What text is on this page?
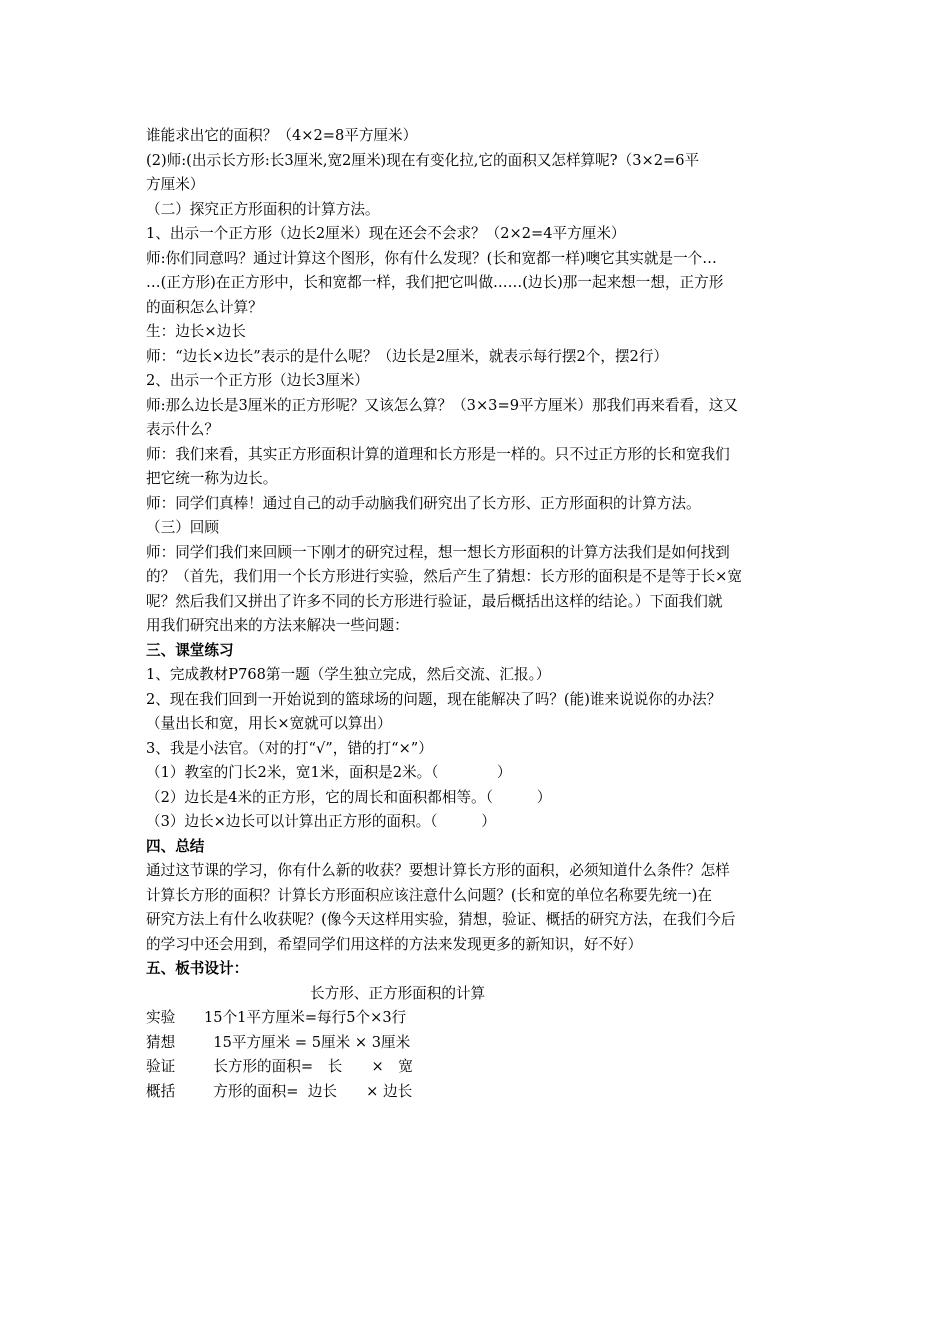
谁能求出它的面积？（4×2=8平方厘米）
(2)师:(出示长方形:长3厘米,宽2厘米)现在有变化拉,它的面积又怎样算呢?（3×2=6平
方厘米）
（二）探究正方形面积的计算方法。
1、出示一个正方形（边长2厘米）现在还会不会求？（2×2=4平方厘米）
师:你们同意吗？通过计算这个图形，你有什么发现？(长和宽都一样)噢它其实就是一个…
…(正方形)在正方形中，长和宽都一样，我们把它叫做……(边长)那一起来想一想，正方形
的面积怎么计算？
生：边长×边长
师：“边长×边长”表示的是什么呢？（边长是2厘米，就表示每行摆2个，摆2行）
2、出示一个正方形（边长3厘米）
师:那么边长是3厘米的正方形呢？又该怎么算？（3×3=9平方厘米）那我们再来看看，这又
表示什么？
师：我们来看，其实正方形面积计算的道理和长方形是一样的。只不过正方形的长和宽我们
把它统一称为边长。
师：同学们真棒！通过自己的动手动脑我们研究出了长方形、正方形面积的计算方法。
（三）回顾
师：同学们我们来回顾一下刚才的研究过程，想一想长方形面积的计算方法我们是如何找到
的？（首先，我们用一个长方形进行实验，然后产生了猜想：长方形的面积是不是等于长×宽
呢？然后我们又拼出了许多不同的长方形进行验证，最后概括出这样的结论。）下面我们就
用我们研究出来的方法来解决一些问题：
三、课堂练习
1、完成教材P768第一题（学生独立完成，然后交流、汇报。）
2、现在我们回到一开始说到的篮球场的问题，现在能解决了吗？(能)谁来说说你的办法？
（量出长和宽，用长×宽就可以算出）
3、我是小法官。（对的打“√”，错的打“×”）
（1）教室的门长2米，宽1米，面积是2米。（　　　　）
（2）边长是4米的正方形，它的周长和面积都相等。（　　　）
（3）边长×边长可以计算出正方形的面积。（　　　）
四、总结
通过这节课的学习，你有什么新的收获？要想计算长方形的面积，必须知道什么条件？怎样
计算长方形的面积？计算长方形面积应该注意什么问题？(长和宽的单位名称要先统一)在
研究方法上有什么收获呢？(像今天这样用实验，猜想，验证、概括的研究方法，在我们今后
的学习中还会用到，希望同学们用这样的方法来发现更多的新知识，好不好）
五、板书设计：
长方形、正方形面积的计算
实验	15个1平方厘米=每行5个×3行
猜想	15平方厘米 = 5厘米 × 3厘米
验证	长方形的面积=　长　　×　宽
概括	方形的面积=  边长　　× 边长
